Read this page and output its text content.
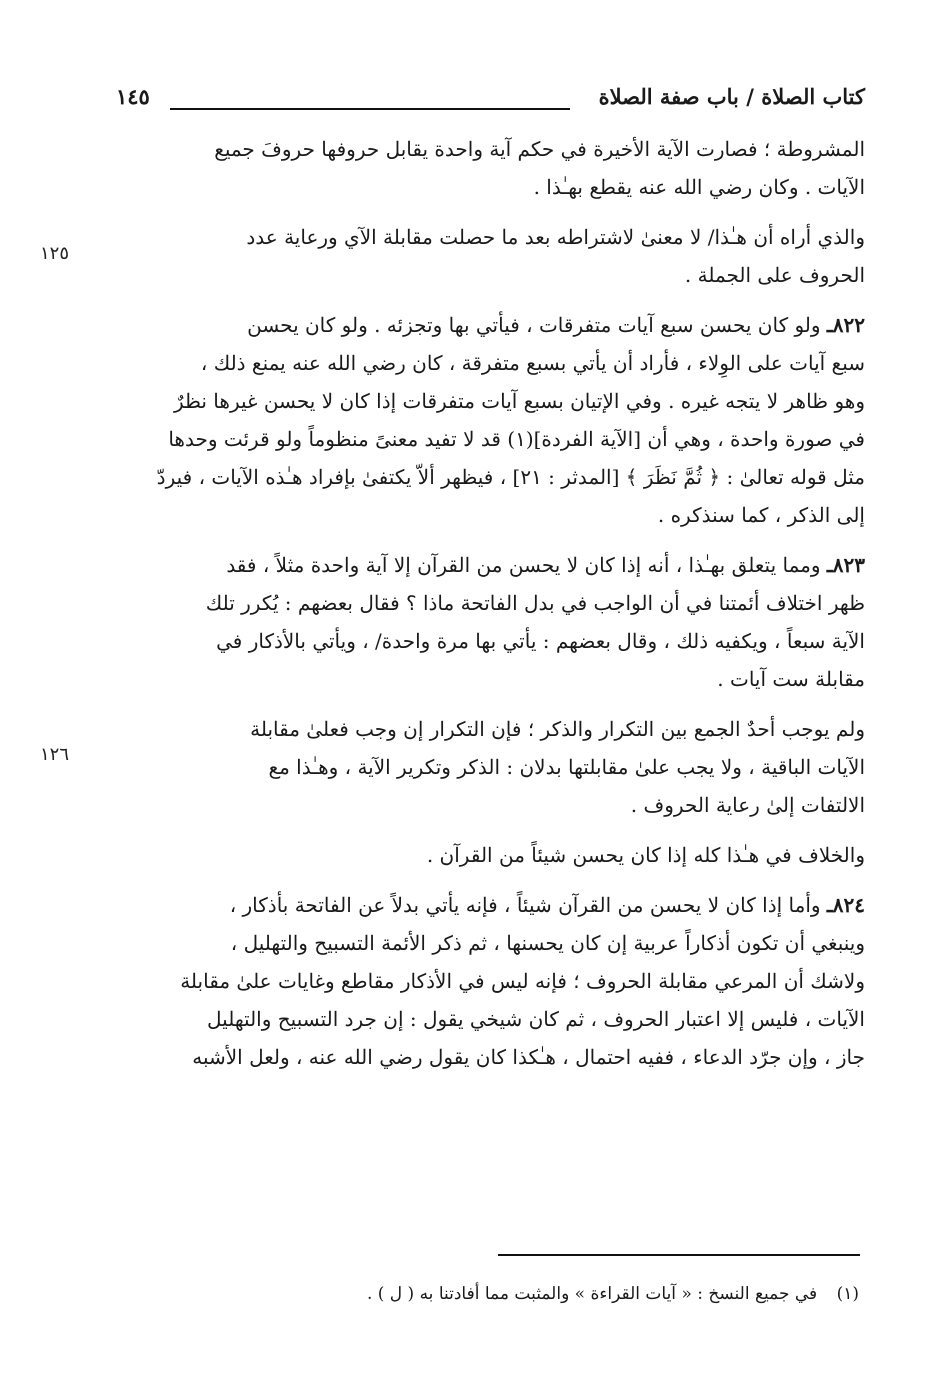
كتاب الصلاة / باب صفة الصلاة
١٤٥

المشروطة ؛ فصارت الآية الأخيرة في حكم آية واحدة يقابل حروفها حروفَ جميع

الآيات . وكان رضي الله عنه يقطع بهـٰذا .

والذي أراه أن هـٰذا/ لا معنىٰ لاشتراطه بعد ما حصلت مقابلة الآي ورعاية عدد

الحروف على الجملة .

٨٢٢ـ ولو كان يحسن سبع آيات متفرقات ، فيأتي بها وتجزئه . ولو كان يحسن

سبع آيات على الوِلاء ، فأراد أن يأتي بسبع متفرقة ، كان رضي الله عنه يمنع ذلك ،

وهو ظاهر لا يتجه غيره . وفي الإتيان بسبع آيات متفرقات إذا كان لا يحسن غيرها نظرٌ

في صورة واحدة ، وهي أن [الآية الفردة](١) قد لا تفيد معنىً منظوماً ولو قرئت وحدها

مثل قوله تعالىٰ : ﴿ ثُمَّ نَظَرَ ﴾ [المدثر : ٢١] ، فيظهر ألاّ يكتفىٰ بإفراد هـٰذه الآيات ، فيردّ

إلى الذكر ، كما سنذكره .

٨٢٣ـ ومما يتعلق بهـٰذا ، أنه إذا كان لا يحسن من القرآن إلا آية واحدة مثلاً ، فقد

ظهر اختلاف أئمتنا في أن الواجب في بدل الفاتحة ماذا ؟ فقال بعضهم : يُكرر تلك

الآية سبعاً ، ويكفيه ذلك ، وقال بعضهم : يأتي بها مرة واحدة/ ، ويأتي بالأذكار في

مقابلة ست آيات .

ولم يوجب أحدٌ الجمع بين التكرار والذكر ؛ فإن التكرار إن وجب فعلىٰ مقابلة

الآيات الباقية ، ولا يجب علىٰ مقابلتها بدلان : الذكر وتكرير الآية ، وهـٰذا مع

الالتفات إلىٰ رعاية الحروف .

والخلاف في هـٰذا كله إذا كان يحسن شيئاً من القرآن .

٨٢٤ـ وأما إذا كان لا يحسن من القرآن شيئاً ، فإنه يأتي بدلاً عن الفاتحة بأذكار ،

وينبغي أن تكون أذكاراً عربية إن كان يحسنها ، ثم ذكر الأئمة التسبيح والتهليل ،

ولاشك أن المرعي مقابلة الحروف ؛ فإنه ليس في الأذكار مقاطع وغايات علىٰ مقابلة

الآيات ، فليس إلا اعتبار الحروف ، ثم كان شيخي يقول : إن جرد التسبيح والتهليل

جاز ، وإن جرّد الدعاء ، ففيه احتمال ، هـٰكذا كان يقول رضي الله عنه ، ولعل الأشبه

١٢٥
١٢٦
(١) في جميع النسخ : « آيات القراءة » والمثبت مما أفادتنا به ( ل ) .
